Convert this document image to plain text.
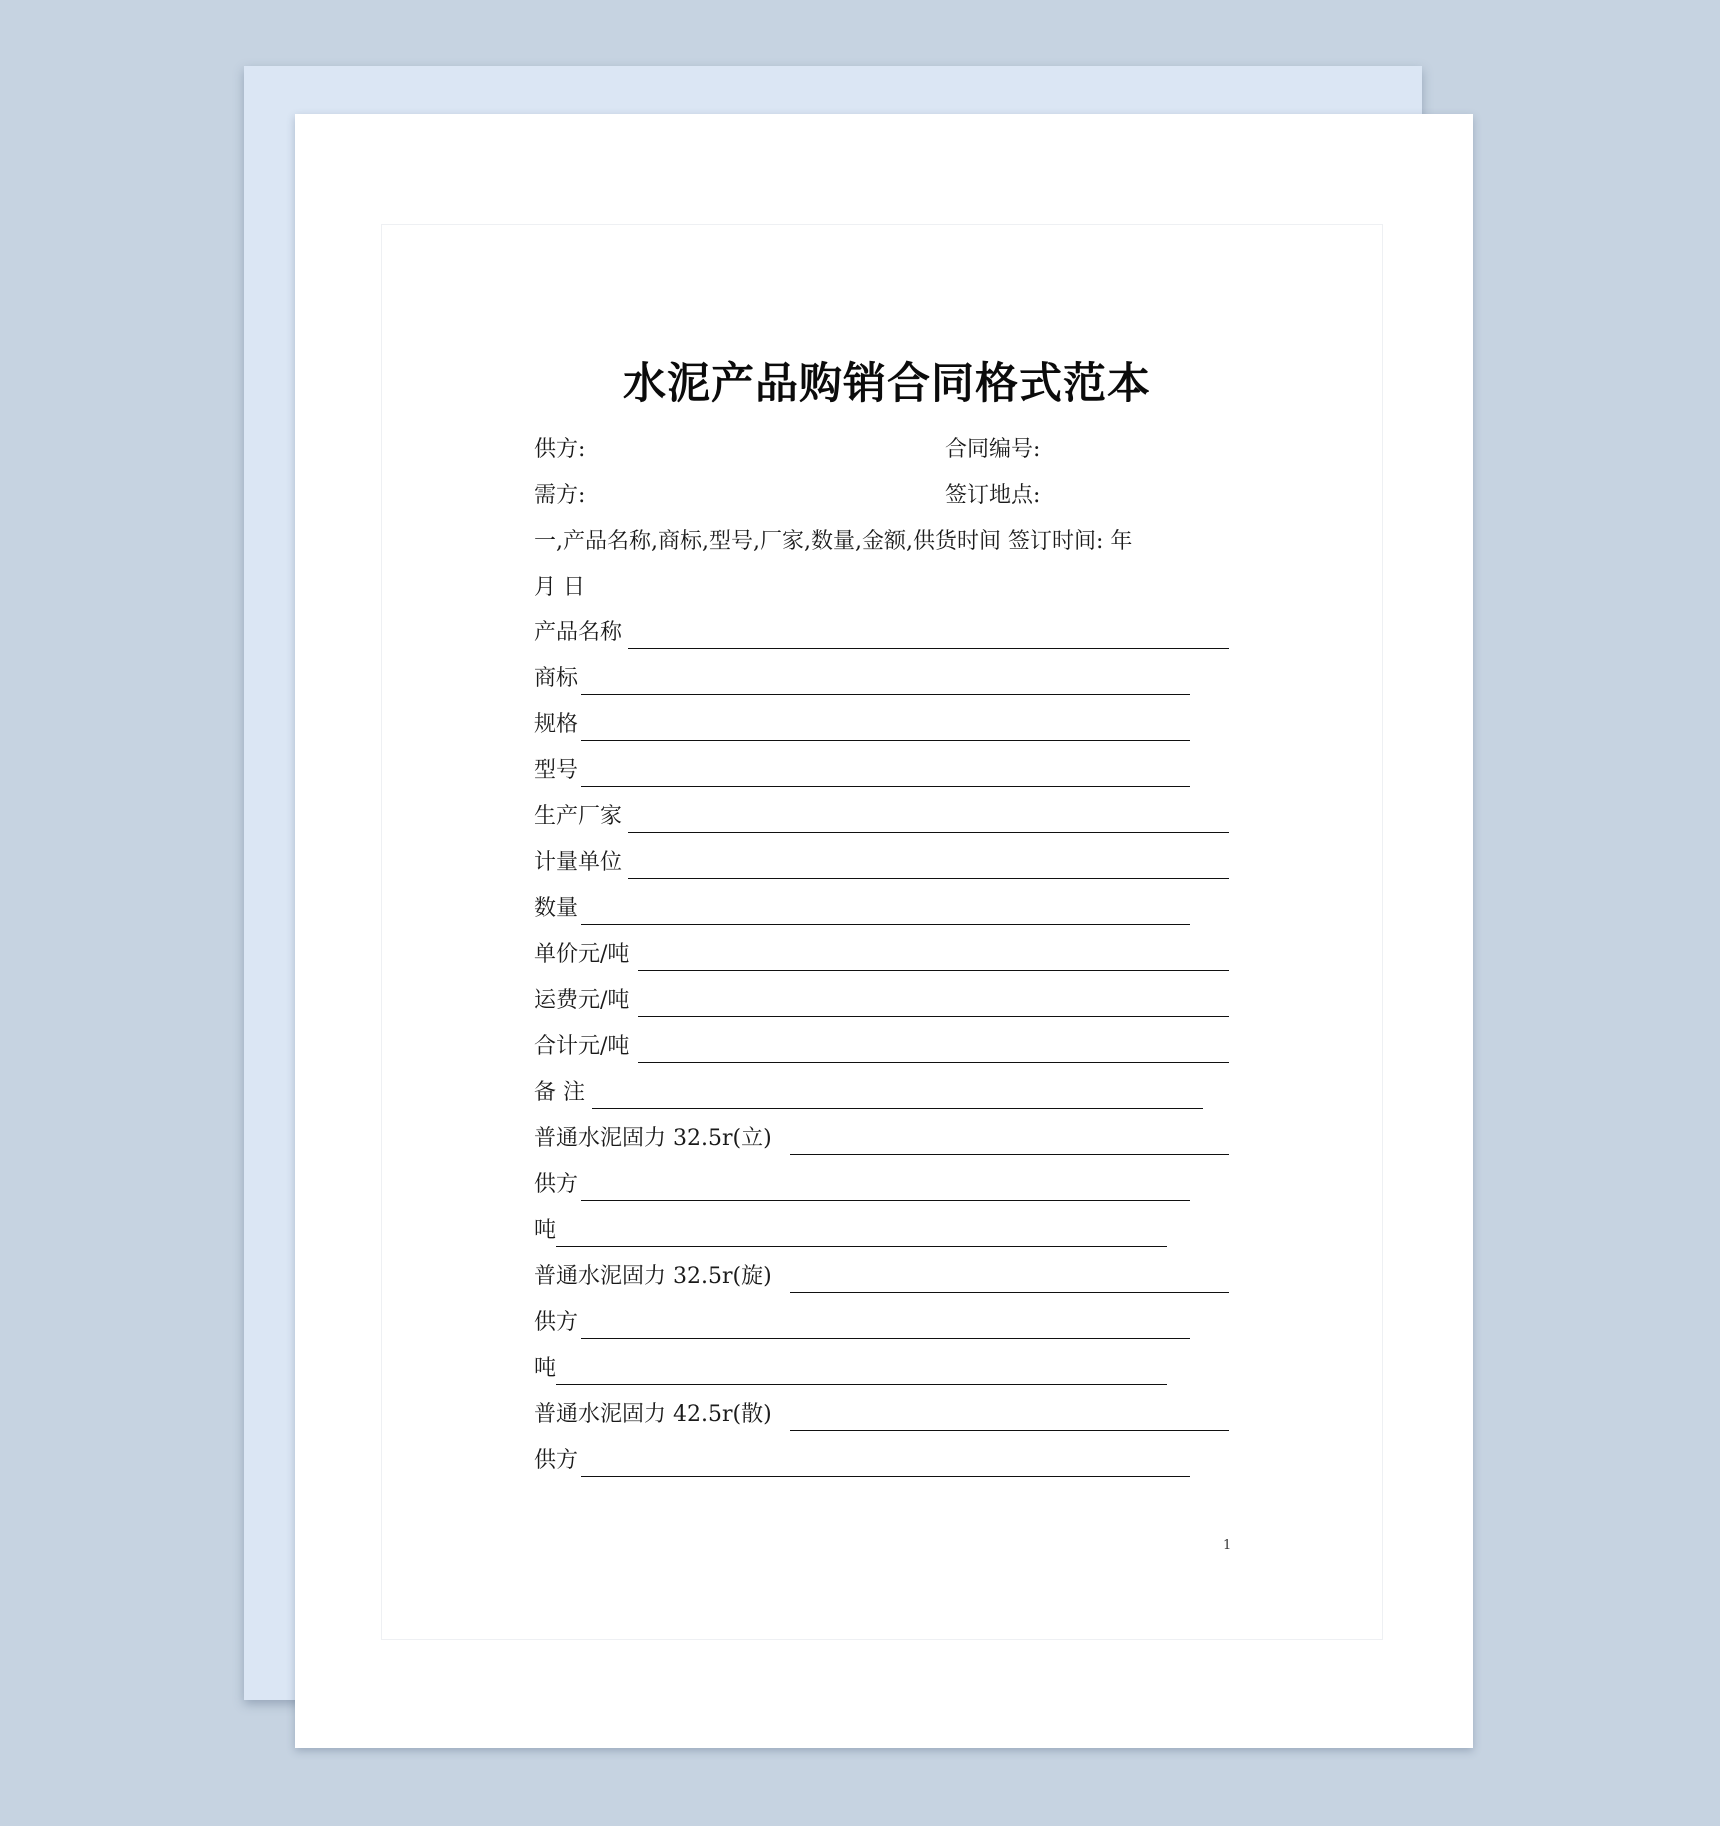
水泥产品购销合同格式范本
供方:	合同编号:
需方:	签订地点:
一,产品名称,商标,型号,厂家,数量,金额,供货时间 签订时间: 年
月 日
产品名称
商标
规格
型号
生产厂家
计量单位
数量
单价元/吨
运费元/吨
合计元/吨
备 注
普通水泥固力 32.5r(立)
供方
吨
普通水泥固力 32.5r(旋)
供方
吨
普通水泥固力 42.5r(散)
供方
1
